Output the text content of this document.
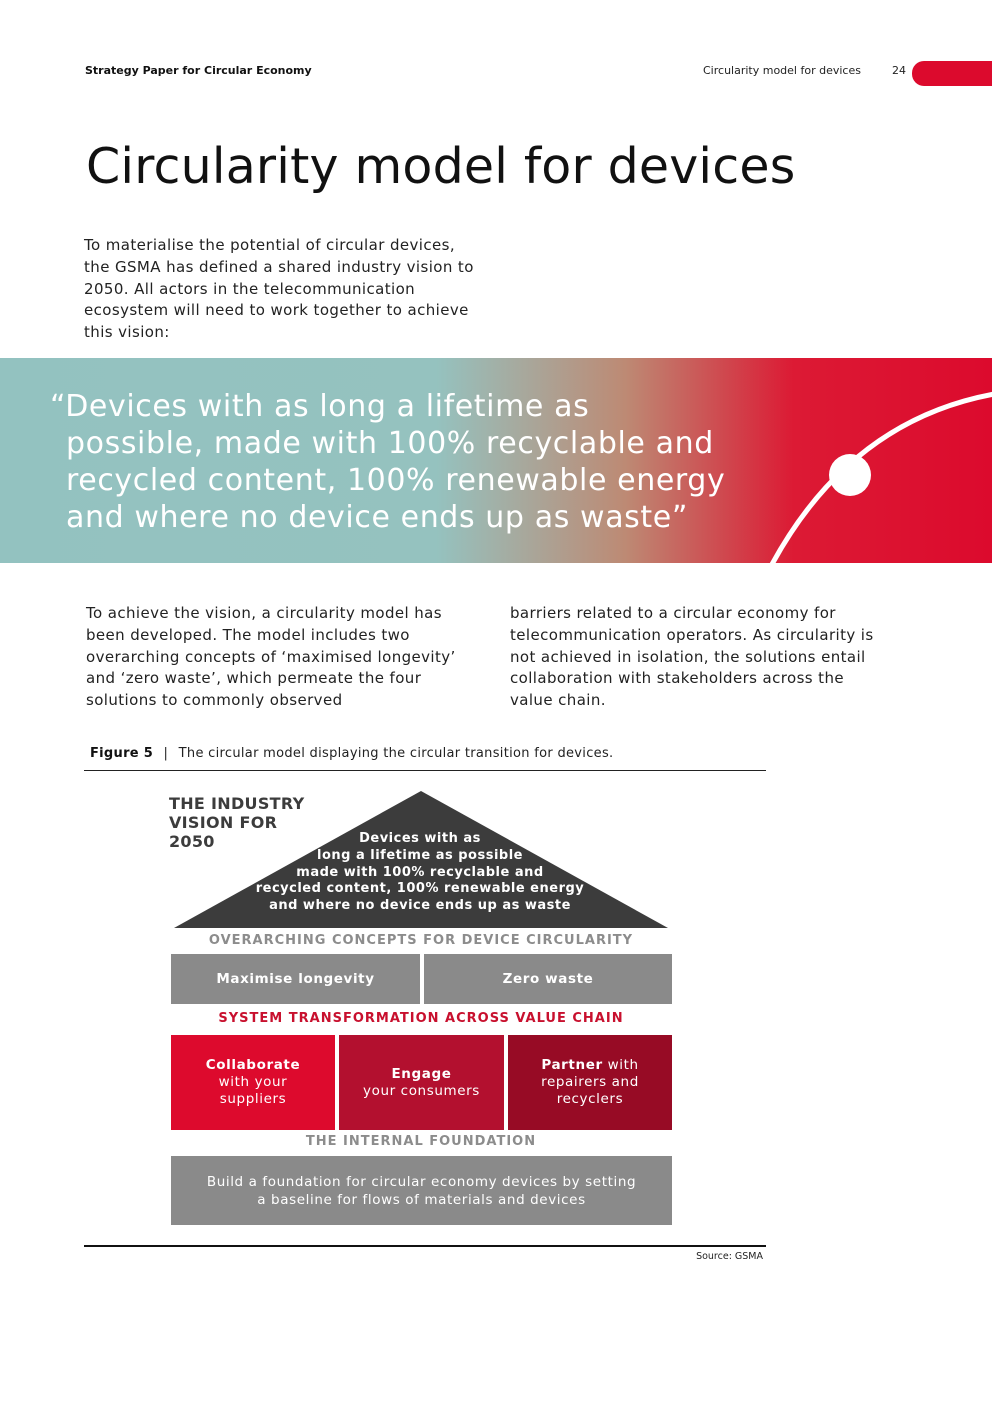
Strategy Paper for Circular Economy	Circularity model for devices	24
Circularity model for devices
To materialise the potential of circular devices, the GSMA has defined a shared industry vision to 2050. All actors in the telecommunication ecosystem will need to work together to achieve this vision:
“Devices with as long a lifetime as
possible, made with 100% recyclable and
recycled content, 100% renewable energy
and where no device ends up as waste”
To achieve the vision, a circularity model has been developed. The model includes two overarching concepts of ‘maximised longevity’ and ‘zero waste’, which permeate the four solutions to commonly observed
barriers related to a circular economy for telecommunication operators. As circularity is not achieved in isolation, the solutions entail collaboration with stakeholders across the value chain.
Figure 5 | The circular model displaying the circular transition for devices.
THE INDUSTRY
VISION FOR
2050	Devices with as
long a lifetime as possible
made with 100% recyclable and
recycled content, 100% renewable energy
and where no device ends up as waste
OVERARCHING CONCEPTS FOR DEVICE CIRCULARITY
Maximise longevity	Zero waste
SYSTEM TRANSFORMATION ACROSS VALUE CHAIN
Collaborate
with your
suppliers
Engage
your consumers
Partner with
repairers and
recyclers
THE INTERNAL FOUNDATION
Build a foundation for circular economy devices by setting
a baseline for flows of materials and devices
Source: GSMA
